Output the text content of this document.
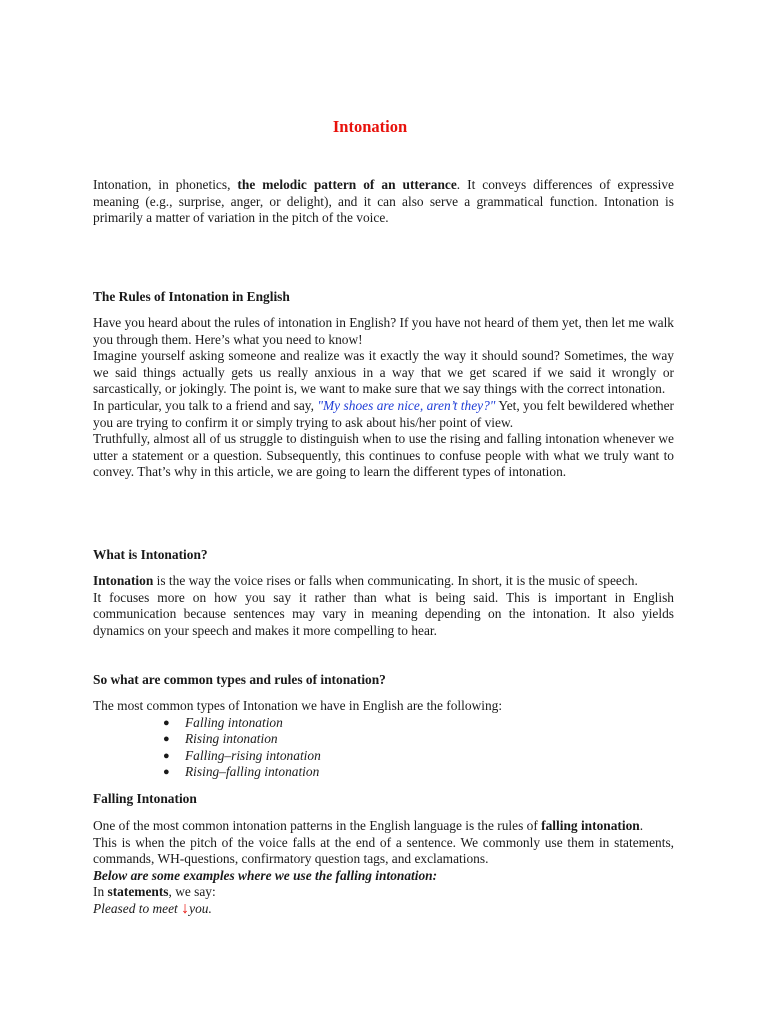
Intonation
Intonation, in phonetics, the melodic pattern of an utterance. It conveys differences of expressive meaning (e.g., surprise, anger, or delight), and it can also serve a grammatical function. Intonation is primarily a matter of variation in the pitch of the voice.
The Rules of Intonation in English

Have you heard about the rules of intonation in English? If you have not heard of them yet, then let me walk you through them. Here’s what you need to know!

Imagine yourself asking someone and realize was it exactly the way it should sound? Sometimes, the way we said things actually gets us really anxious in a way that we get scared if we said it wrongly or sarcastically, or jokingly. The point is, we want to make sure that we say things with the correct intonation.

In particular, you talk to a friend and say, "My shoes are nice, aren’t they?" Yet, you felt bewildered whether you are trying to confirm it or simply trying to ask about his/her point of view.

Truthfully, almost all of us struggle to distinguish when to use the rising and falling intonation whenever we utter a statement or a question. Subsequently, this continues to confuse people with what we truly want to convey. That’s why in this article, we are going to learn the different types of intonation.

What is Intonation?

Intonation is the way the voice rises or falls when communicating. In short, it is the music of speech.

It focuses more on how you say it rather than what is being said. This is important in English communication because sentences may vary in meaning depending on the intonation. It also yields dynamics on your speech and makes it more compelling to hear.

So what are common types and rules of intonation?

The most common types of Intonation we have in English are the following:

● Falling intonation
● Rising intonation
● Falling–rising intonation
● Rising–falling intonation
Falling Intonation

One of the most common intonation patterns in the English language is the rules of falling intonation.

This is when the pitch of the voice falls at the end of a sentence. We commonly use them in statements, commands, WH-questions, confirmatory question tags, and exclamations.

Below are some examples where we use the falling intonation:

In statements, we say:

Pleased to meet ↓you.
